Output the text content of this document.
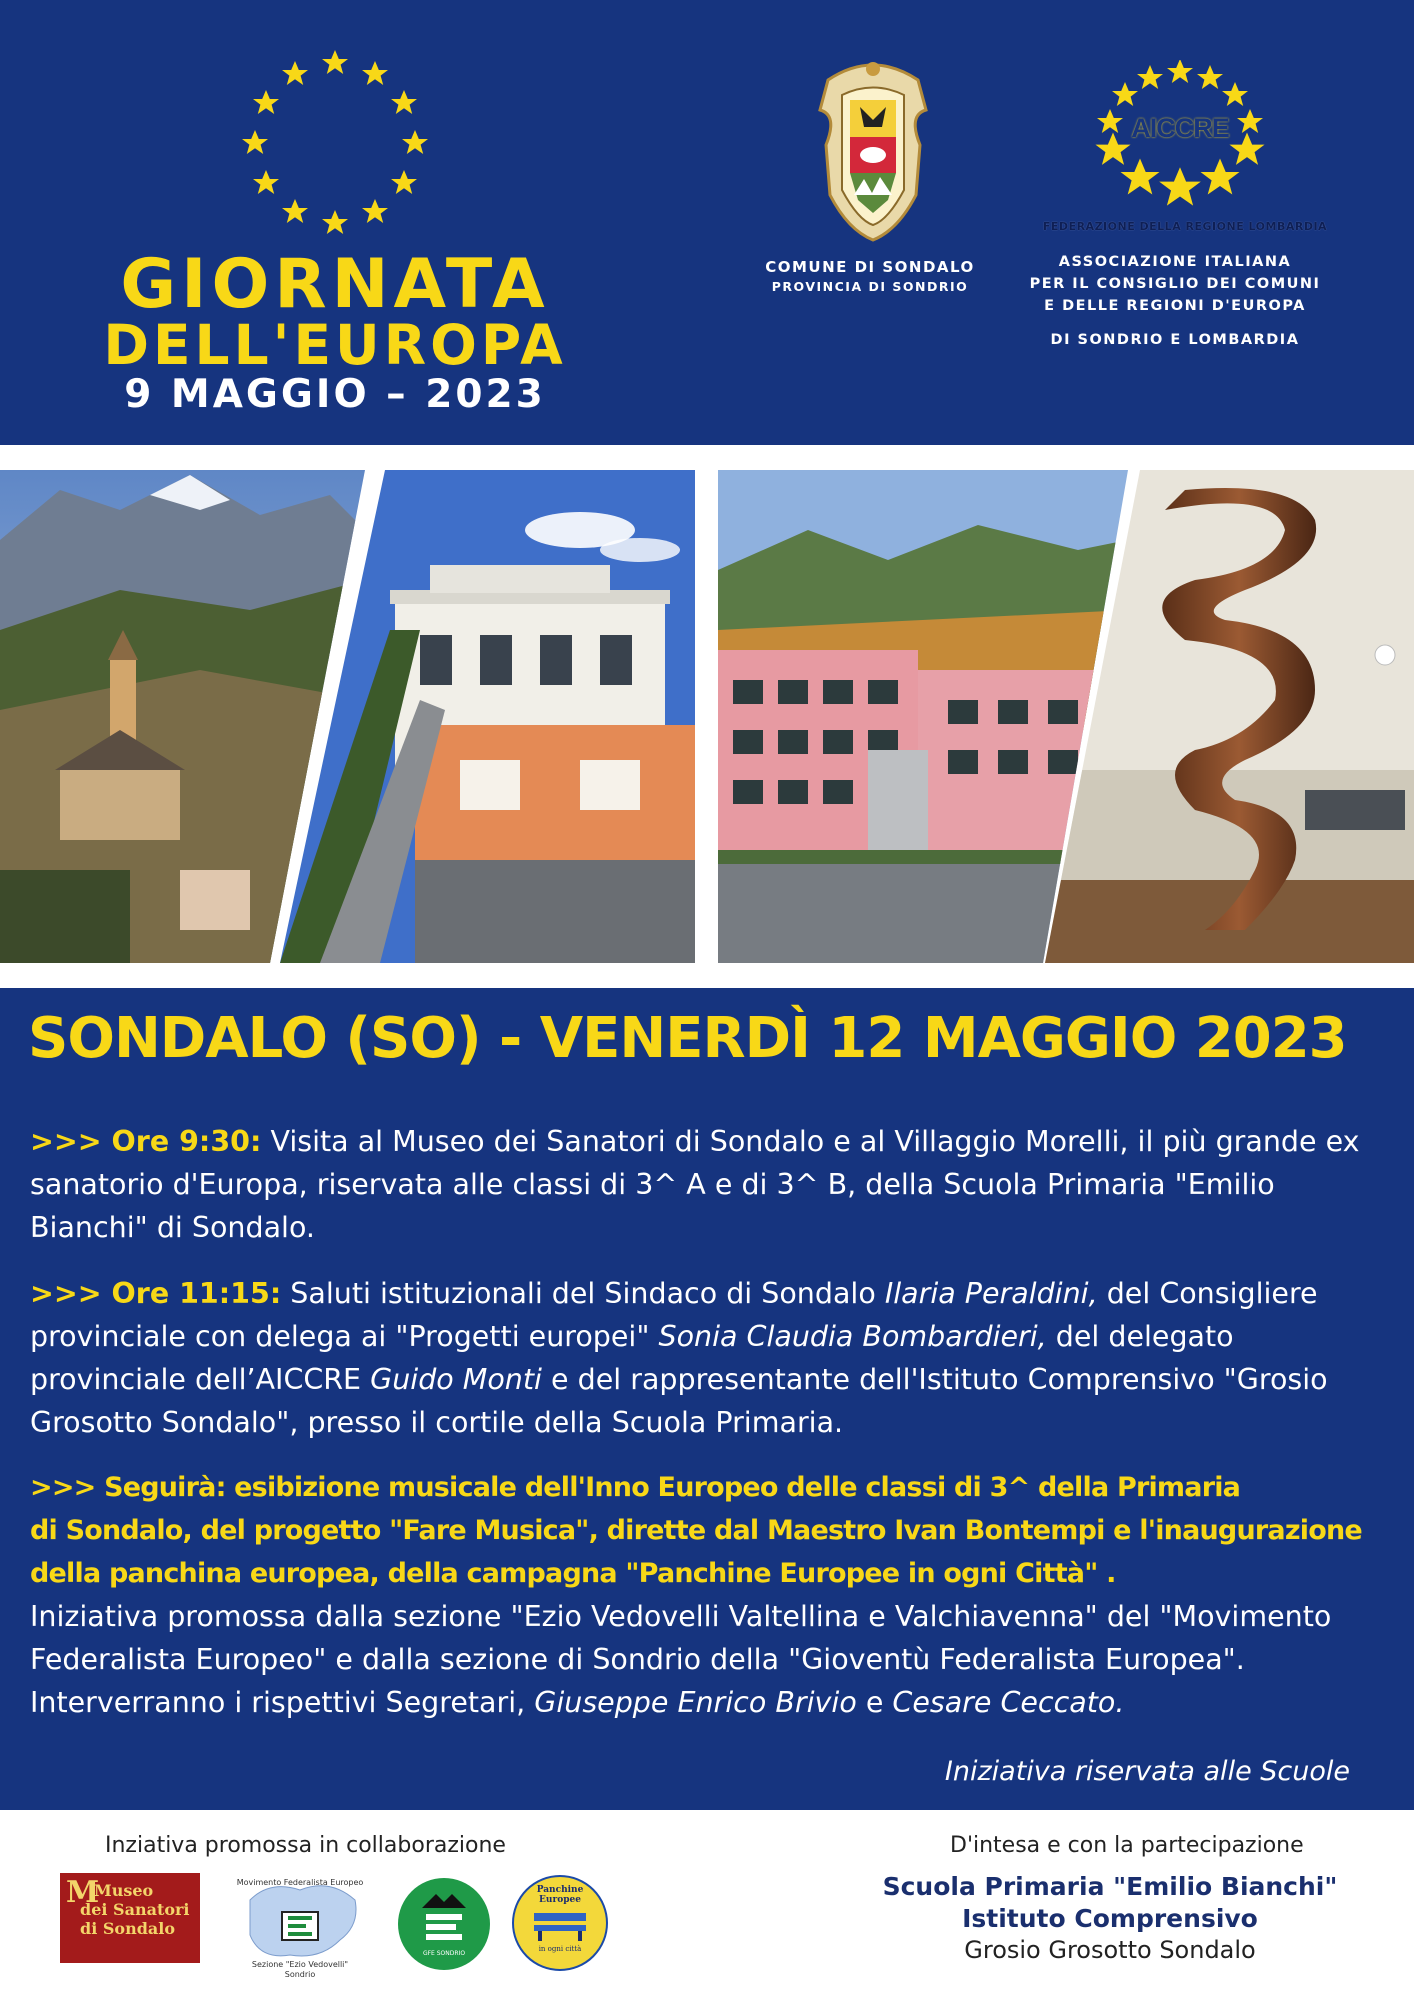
GIORNATA
DELL'EUROPA
9 MAGGIO – 2023
COMUNE DI SONDALO
PROVINCIA DI SONDRIO
AICCRE
FEDERAZIONE DELLA REGIONE LOMBARDIA
ASSOCIAZIONE ITALIANA
PER IL CONSIGLIO DEI COMUNI
E DELLE REGIONI D'EUROPA
DI SONDRIO E LOMBARDIA
SONDALO (SO) - VENERDÌ 12 MAGGIO 2023
>>> Ore 9:30: Visita al Museo dei Sanatori di Sondalo e al Villaggio Morelli, il più grande ex sanatorio d'Europa, riservata alle classi di 3^ A e di 3^ B, della Scuola Primaria "Emilio Bianchi" di Sondalo.
>>> Ore 11:15: Saluti istituzionali del Sindaco di Sondalo Ilaria Peraldini, del Consigliere provinciale con delega ai "Progetti europei" Sonia Claudia Bombardieri, del delegato provinciale dell’AICCRE Guido Monti e del rappresentante dell'Istituto Comprensivo "Grosio Grosotto Sondalo", presso il cortile della Scuola Primaria.
>>> Seguirà: esibizione musicale dell'Inno Europeo delle classi di 3^ della Primaria
di Sondalo, del progetto "Fare Musica", dirette dal Maestro Ivan Bontempi e l'inaugurazione
della panchina europea, della campagna "Panchine Europee in ogni Città" .
Iniziativa promossa dalla sezione "Ezio Vedovelli Valtellina e Valchiavenna" del "Movimento Federalista Europeo" e dalla sezione di Sondrio della "Gioventù Federalista Europea". Interverranno i rispettivi Segretari, Giuseppe Enrico Brivio e Cesare Ceccato.
Iniziativa riservata alle Scuole
Inziativa promossa in collaborazione	D'intesa e con la partecipazione
M
Museo
dei Sanatori
di Sondalo
Movimento Federalista Europeo
Sezione "Ezio Vedovelli"
Sondrio
GFE SONDRIO
Panchine
Europee
in ogni città
Scuola Primaria "Emilio Bianchi"
Istituto Comprensivo
Grosio Grosotto Sondalo
